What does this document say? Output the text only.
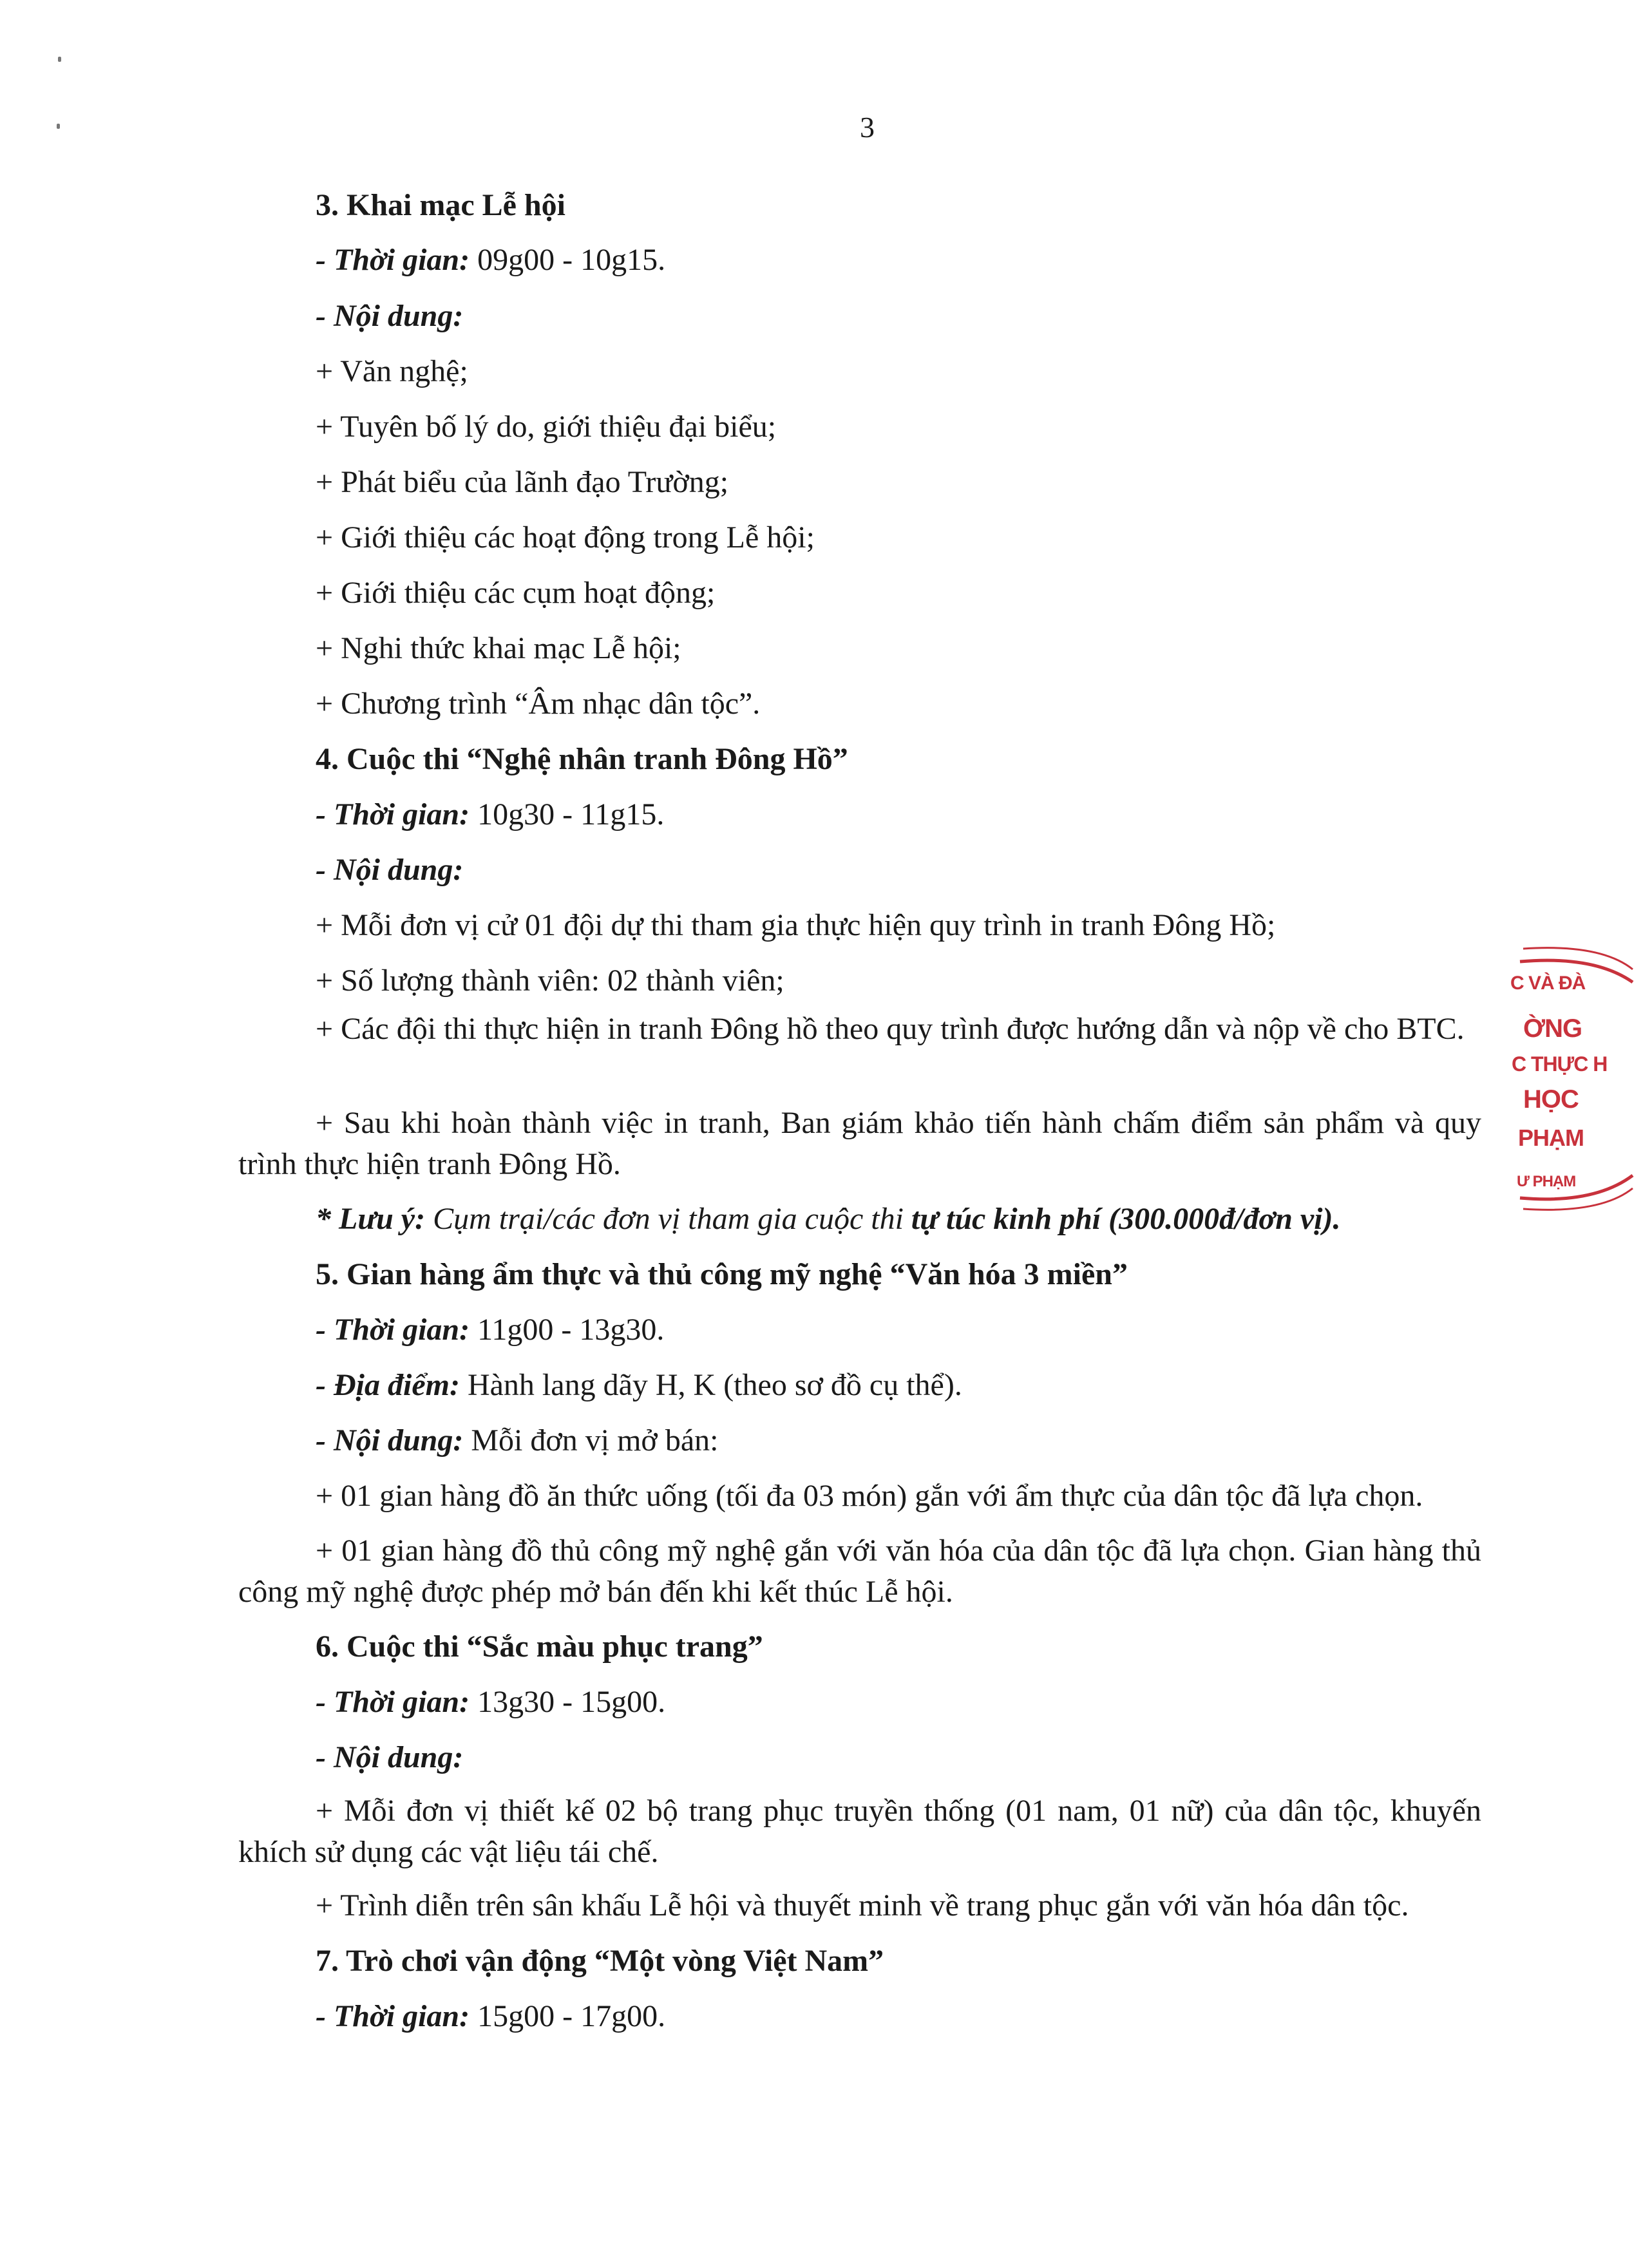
3
3. Khai mạc Lễ hội
- Thời gian: 09g00 - 10g15.
- Nội dung:
+ Văn nghệ;
+ Tuyên bố lý do, giới thiệu đại biểu;
+ Phát biểu của lãnh đạo Trường;
+ Giới thiệu các hoạt động trong Lễ hội;
+ Giới thiệu các cụm hoạt động;
+ Nghi thức khai mạc Lễ hội;
+ Chương trình “Âm nhạc dân tộc”.
4. Cuộc thi “Nghệ nhân tranh Đông Hồ”
- Thời gian: 10g30 - 11g15.
- Nội dung:
+ Mỗi đơn vị cử 01 đội dự thi tham gia thực hiện quy trình in tranh Đông Hồ;
+ Số lượng thành viên: 02 thành viên;
+ Các đội thi thực hiện in tranh Đông hồ theo quy trình được hướng dẫn và nộp về cho BTC.
+ Sau khi hoàn thành việc in tranh, Ban giám khảo tiến hành chấm điểm sản phẩm và quy trình thực hiện tranh Đông Hồ.
* Lưu ý: Cụm trại/các đơn vị tham gia cuộc thi tự túc kinh phí (300.000đ/đơn vị).
5. Gian hàng ẩm thực và thủ công mỹ nghệ “Văn hóa 3 miền”
- Thời gian: 11g00 - 13g30.
- Địa điểm: Hành lang dãy H, K (theo sơ đồ cụ thể).
- Nội dung: Mỗi đơn vị mở bán:
+ 01 gian hàng đồ ăn thức uống (tối đa 03 món) gắn với ẩm thực của dân tộc đã lựa chọn.
+ 01 gian hàng đồ thủ công mỹ nghệ gắn với văn hóa của dân tộc đã lựa chọn. Gian hàng thủ công mỹ nghệ được phép mở bán đến khi kết thúc Lễ hội.
6. Cuộc thi “Sắc màu phục trang”
- Thời gian: 13g30 - 15g00.
- Nội dung:
+ Mỗi đơn vị thiết kế 02 bộ trang phục truyền thống (01 nam, 01 nữ) của dân tộc, khuyến khích sử dụng các vật liệu tái chế.
+ Trình diễn trên sân khấu Lễ hội và thuyết minh về trang phục gắn với văn hóa dân tộc.
7. Trò chơi vận động “Một vòng Việt Nam”
- Thời gian: 15g00 - 17g00.
C VÀ ĐÀ
ỜNG
C THỰC H
HỌC
PHẠM
Ư PHẠM
